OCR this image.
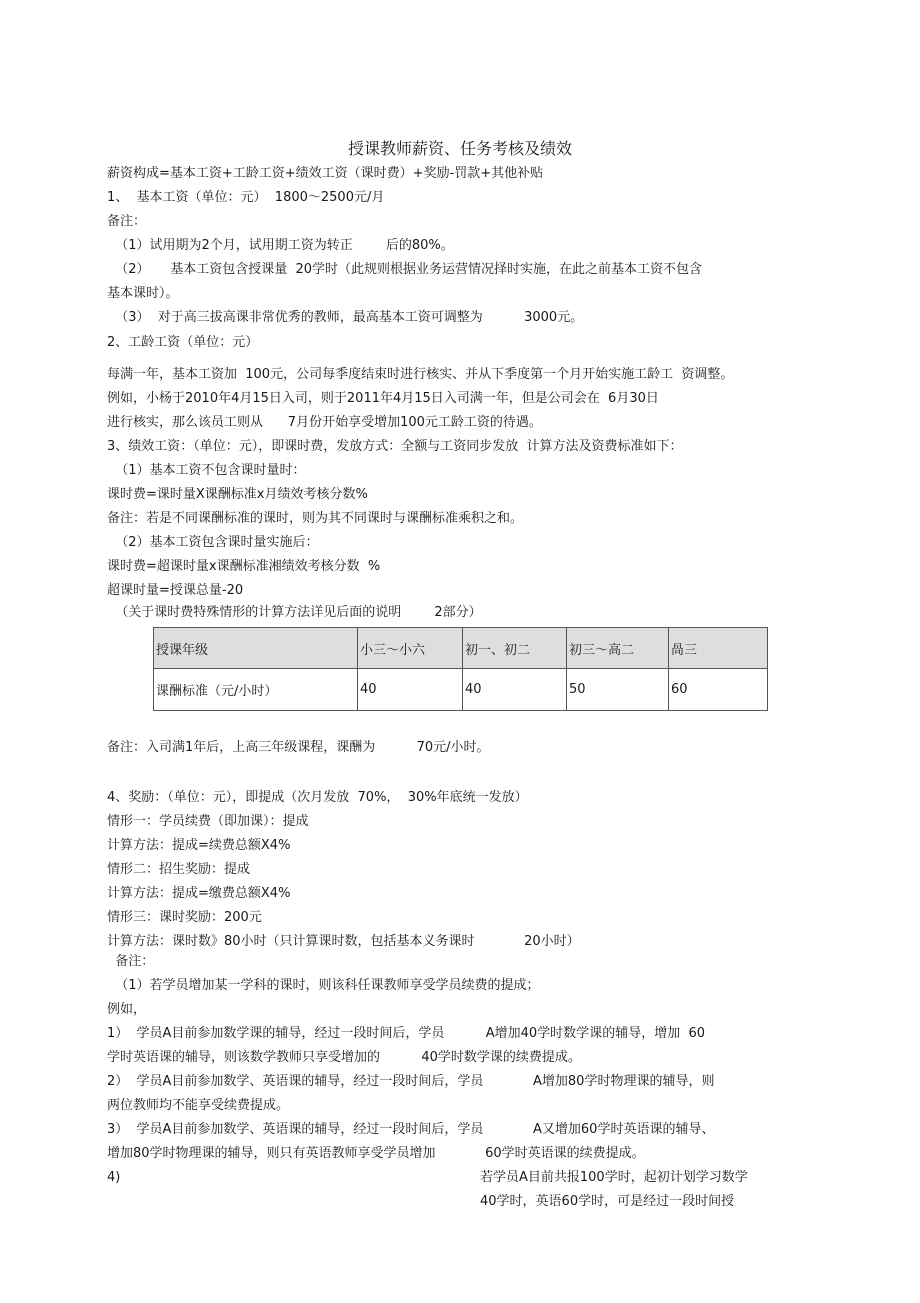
授课教师薪资、任务考核及绩效

薪资构成=基本工资+工龄工资+绩效工资（课时费）+奖励-罚款+其他补贴

1、  基本工资（单位：元）  1800～2500元/月

备注：

（1）试用期为2个月，试用期工资为转正        后的80%。

（2）     基本工资包含授课量  20学时（此规则根据业务运营情况择时实施，在此之前基本工资不包含

基本课时）。

（3）  对于高三拔高课非常优秀的教师，最高基本工资可调整为          3000元。

2、工龄工资（单位：元）

每满一年，基本工资加  100元，公司每季度结束时进行核实、并从下季度第一个月开始实施工龄工  资调整。

例如，小杨于2010年4月15日入司，则于2011年4月15日入司满一年，但是公司会在  6月30日

进行核实，那么该员工则从      7月份开始享受增加100元工龄工资的待遇。

3、绩效工资：（单位：元），即课时费，发放方式：全额与工资同步发放  计算方法及资费标准如下：

（1）基本工资不包含课时量时：

课时费=课时量X课酬标准x月绩效考核分数%

备注：若是不同课酬标准的课时，则为其不同课时与课酬标准乘积之和。

（2）基本工资包含课时量实施后：

课时费=超课时量x课酬标准湘绩效考核分数  %

超课时量=授课总量-20

（关于课时费特殊情形的计算方法详见后面的说明        2部分）

授课年级	小三～小六	初一、初二	初三～高二	咼三
课酬标准（元/小时）	40	40	50	60

备注：入司满1年后，上高三年级课程，课酬为          70元/小时。

4、奖励：（单位：元），即提成（次月发放  70%，  30%年底统一发放）

情形一：学员续费（即加课）：提成

计算方法：提成=续费总额X4%

情形二：招生奖励：提成

计算方法：提成=缴费总额X4%

情形三：课时奖励：200元

计算方法：课时数》80小时（只计算课时数，包括基本义务课时            20小时）

备注：

（1）若学员增加某一学科的课时，则该科任课教师享受学员续费的提成；

例如，

1）  学员A目前参加数学课的辅导，经过一段时间后，学员          A增加40学时数学课的辅导，增加  60

学时英语课的辅导，则该数学教师只享受增加的          40学时数学课的续费提成。

2）  学员A目前参加数学、英语课的辅导，经过一段时间后，学员            A增加80学时物理课的辅导，则

两位教师均不能享受续费提成。

3）  学员A目前参加数学、英语课的辅导，经过一段时间后，学员            A又增加60学时英语课的辅导、

增加80学时物理课的辅导，则只有英语教师享受学员增加            60学时英语课的续费提成。

4)	若学员A目前共报100学时，起初计划学习数学

40学时，英语60学时，可是经过一段时间授
